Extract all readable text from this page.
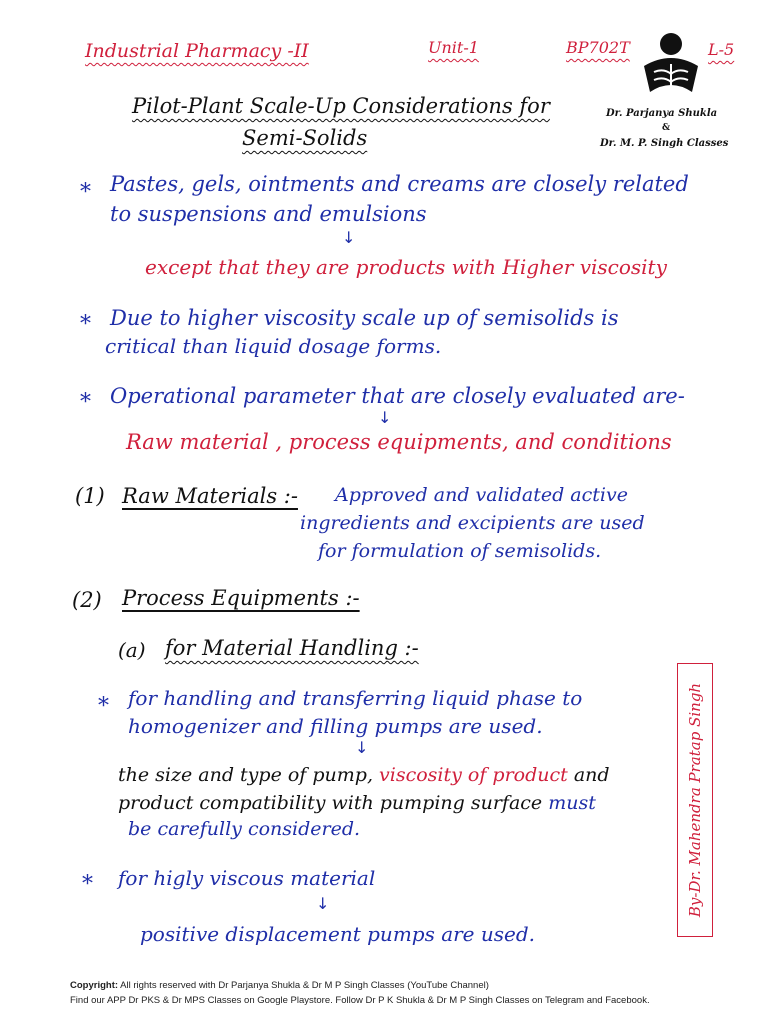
Industrial Pharmacy -II	Unit-1	BP702T	L-5
Dr. Parjanya Shukla
&
Dr. M. P. Singh Classes
Pilot-Plant Scale-Up Considerations for
Semi-Solids
* Pastes, gels, ointments and creams are closely related
to suspensions and emulsions
↓
except that they are products with Higher viscosity
* Due to higher viscosity scale up of semisolids is
critical than liquid dosage forms.
* Operational parameter that are closely evaluated are-
↓
Raw material , process equipments, and conditions
(1) Raw Materials :- Approved and validated active
ingredients and excipients are used
for formulation of semisolids.
(2) Process Equipments :-
(a) for Material Handling :-
* for handling and transferring liquid phase to
homogenizer and filling pumps are used.
↓
the size and type of pump, viscosity of product and
product compatibility with pumping surface must
be carefully considered.
* for higly viscous material
↓
positive displacement pumps are used.
By-Dr. Mahendra Pratap Singh
Copyright: All rights reserved with Dr Parjanya Shukla & Dr M P Singh Classes (YouTube Channel)
Find our APP Dr PKS & Dr MPS Classes on Google Playstore. Follow Dr P K Shukla & Dr M P Singh Classes on Telegram and Facebook.
